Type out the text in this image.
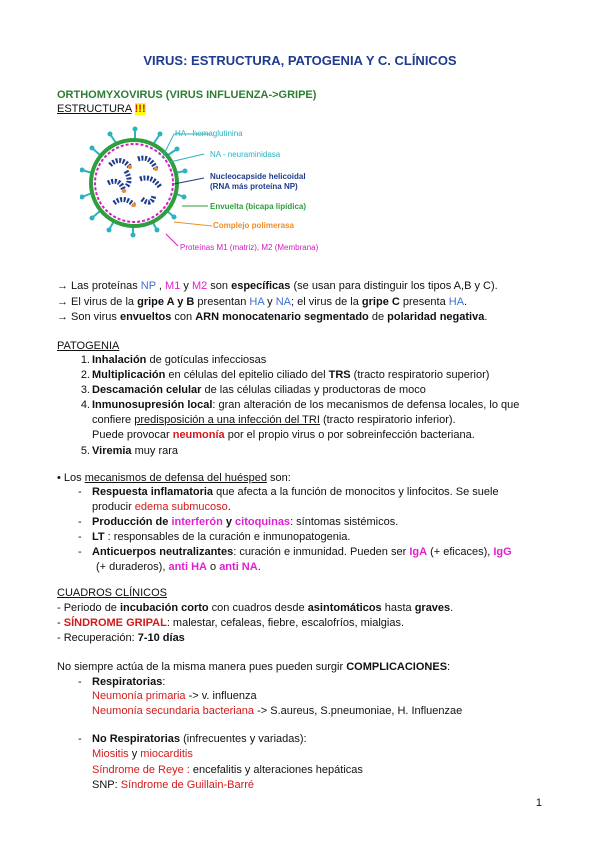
VIRUS: ESTRUCTURA, PATOGENIA Y C. CLÍNICOS
ORTHOMYXOVIRUS (VIRUS INFLUENZA->GRIPE)
ESTRUCTURA !!!
HA - hemaglutinina
NA - neuraminidasa
Nucleocapside helicoidal
(RNA más proteína NP)
Envuelta (bicapa lipídica)
Complejo polimerasa
Proteínas M1 (matriz), M2 (Membrana)
→ Las proteínas NP , M1 y M2 son específicas (se usan para distinguir los tipos A,B y C).
→ El virus de la gripe A y B presentan HA y NA; el virus de la gripe C presenta HA.
→ Son virus envueltos con ARN monocatenario segmentado de polaridad negativa.
PATOGENIA
1. Inhalación de gotículas infecciosas
2. Multiplicación en células del epitelio ciliado del TRS (tracto respiratorio superior)
3. Descamación celular de las células ciliadas y productoras de moco
4. Inmunosupresión local: gran alteración de los mecanismos de defensa locales, lo que
confiere predisposición a una infección del TRI (tracto respiratorio inferior).
Puede provocar neumonía por el propio virus o por sobreinfección bacteriana.
5. Viremia muy rara
• Los mecanismos de defensa del huésped son:
- Respuesta inflamatoria que afecta a la función de monocitos y linfocitos. Se suele
producir edema submucoso.
- Producción de interferón y citoquinas: síntomas sistémicos.
- LT : responsables de la curación e inmunopatogenia.
- Anticuerpos neutralizantes: curación e inmunidad. Pueden ser IgA (+ eficaces), IgG
(+ duraderos), anti HA o anti NA.
CUADROS CLÍNICOS
- Periodo de incubación corto con cuadros desde asintomáticos hasta graves.
- SÍNDROME GRIPAL: malestar, cefaleas, fiebre, escalofríos, mialgias.
- Recuperación: 7-10 días
No siempre actúa de la misma manera pues pueden surgir COMPLICACIONES:
- Respiratorias:
Neumonía primaria -> v. influenza
Neumonía secundaria bacteriana -> S.aureus, S.pneumoniae, H. Influenzae
- No Respiratorias (infrecuentes y variadas):
Miositis y miocarditis
Síndrome de Reye : encefalitis y alteraciones hepáticas
SNP: Síndrome de Guillain-Barré
1
